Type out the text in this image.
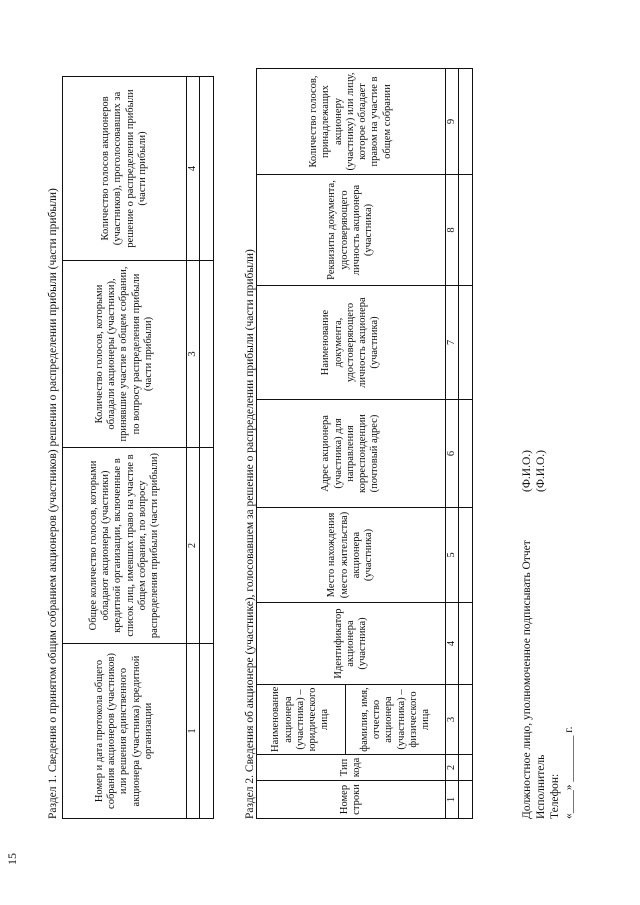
15
Раздел 1. Сведения о принятом общим собранием акционеров (участников) решении о распределении прибыли (части прибыли)	Номер и дата протокола общего собрания акционеров (участников) или решения единственного акционера (участника) кредитной организации	Общее количество голосов, которыми обладают акционеры (участники) кредитной организации, включенные в список лиц, имевших право на участие в общем собрании, по вопросу распределения прибыли (части прибыли)	Количество голосов, которыми обладали акционеры (участники), принявшие участие в общем собрании, по вопросу распределения прибыли (части прибыли)	Количество голосов акционеров (участников), проголосовавших за решение о распределении прибыли (части прибыли)
1	2	3	4

Раздел 2. Сведения об акционере (участнике), голосовавшем за решение о распределении прибыли (части прибыли)	Номер строки	Тип кода	Наименование акционера (участника) – юридического лица	Идентификатор акционера (участника)	Место нахождения (место жительства) акционера (участника)	Адрес акционера (участника) для направления корреспонденции (почтовый адрес)	Наименование документа, удостоверяющего личность акционера (участника)	Реквизиты документа, удостоверяющего личность акционера (участника)	Количество голосов, принадлежащих акционеру (участнику) или лицу, которое обладает правом на участие в общем собрании
		фамилия, имя, отчество акционера (участника) – физического лица						
1	2	3	4	5	6	7	8	9

Должностное лицо, уполномоченное подписывать Отчет Исполнитель Телефон: «____» ________ г.
(Ф.И.О.) (Ф.И.О.)
